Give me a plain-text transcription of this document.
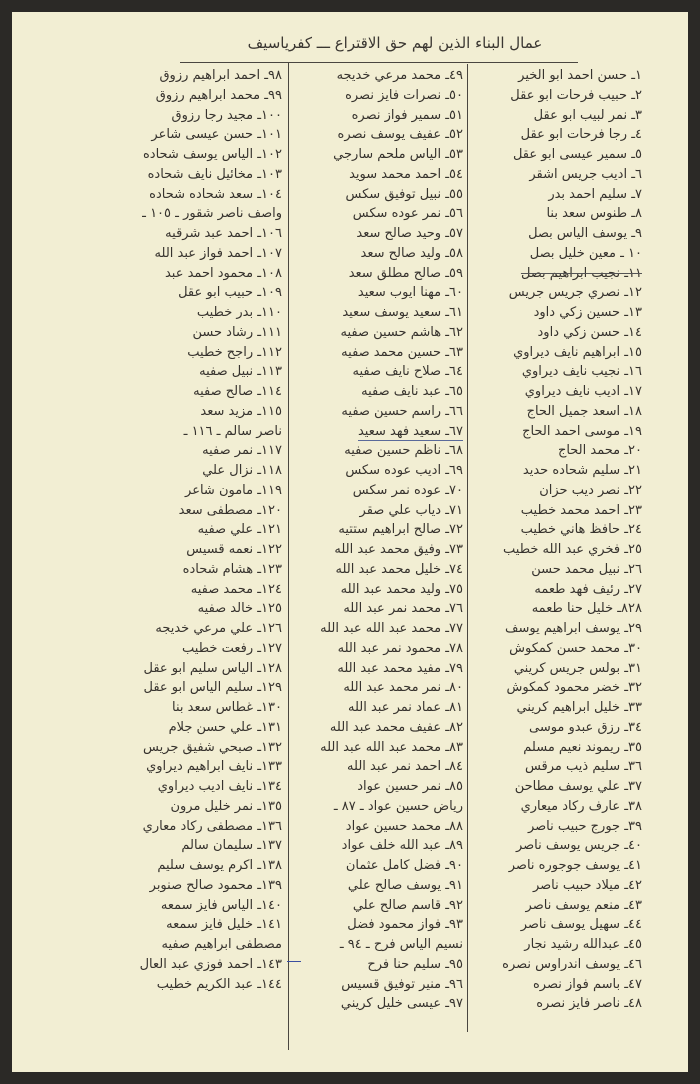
عمال البناء الذين لهم حق الاقتراع ـــ كفرياسيف
١ـ حسن احمد ابو الخير
٢ـ حبيب فرحات ابو عقل
٣ـ نمر لبيب ابو عقل
٤ـ رجا فرحات ابو عقل
٥ـ سمير عيسى ابو عقل
٦ـ اديب جريس اشقر
٧ـ سليم احمد بدر
٨ـ طنوس سعد بنا
٩ـ يوسف الياس بصل
١٠ ـ معين خليل بصل
١١ـ نجيب ابراهيم بصل
١٢ـ نصري جريس جريس
١٣ـ حسين زكي داود
١٤ـ حسن زكي داود
١٥ـ ابراهيم نايف ديراوي
١٦ـ نجيب نايف ديراوي
١٧ـ اديب نايف ديراوي
١٨ـ اسعد جميل الحاج
١٩ـ موسى احمد الحاج
٢٠ـ محمد الحاج
٢١ـ سليم شحاده حديد
٢٢ـ نصر ديب حزان
٢٣ـ احمد محمد خطيب
٢٤ـ حافظ هاني خطيب
٢٥ـ فخري عبد الله خطيب
٢٦ـ نبيل محمد حسن
٢٧ـ رئيف فهد طعمه
٨٢٨ـ خليل حنا طعمه
٢٩ـ يوسف ابراهيم يوسف
٣٠ـ محمد حسن كمكوش
٣١ـ بولس جريس كريني
٣٢ـ خضر محمود كمكوش
٣٣ـ خليل ابراهيم كريني
٣٤ـ رزق عبدو موسى
٣٥ـ ريموند نعيم مسلم
٣٦ـ سليم ذيب مرقس
٣٧ـ علي يوسف مطاحن
٣٨ـ عارف ركاد ميعاري
٣٩ـ جورج حبيب ناصر
٤٠ـ جريس يوسف ناصر
٤١ـ يوسف جوجوره ناصر
٤٢ـ ميلاد حبيب ناصر
٤٣ـ منعم يوسف ناصر
٤٤ـ سهيل يوسف ناصر
٤٥ـ عبدالله رشيد نجار
٤٦ـ يوسف اندراوس نصره
٤٧ـ باسم فواز نصره
٤٨ـ ناصر فايز نصره
٤٩ـ محمد مرعي خديجه
٥٠ـ نصرات فايز نصره
٥١ـ سمير فواز نصره
٥٢ـ عفيف يوسف نصره
٥٣ـ الياس ملحم سارجي
٥٤ـ احمد محمد سويد
٥٥ـ نبيل توفيق سكس
٥٦ـ نمر عوده سكس
٥٧ـ وحيد صالح سعد
٥٨ـ وليد صالح سعد
٥٩ـ صالح مطلق سعد
٦٠ـ مهنا ايوب سعيد
٦١ـ سعيد يوسف سعيد
٦٢ـ هاشم حسين صفيه
٦٣ـ حسين محمد صفيه
٦٤ـ صلاح نايف صفيه
٦٥ـ عبد نايف صفيه
٦٦ـ راسم حسين صفيه
٦٧ـ سعيد فهد سعيد
٦٨ـ ناظم حسين صفيه
٦٩ـ اديب عوده سكس
٧٠ـ عوده نمر سكس
٧١ـ دياب علي صقر
٧٢ـ صالح ابراهيم ستتيه
٧٣ـ وفيق محمد عبد الله
٧٤ـ خليل محمد عبد الله
٧٥ـ وليد محمد عبد الله
٧٦ـ محمد نمر عبد الله
٧٧ـ محمد عبد الله عبد الله
٧٨ـ محمود نمر عبد الله
٧٩ـ مفيد محمد عبد الله
٨٠ـ نمر محمد عبد الله
٨١ـ عماد نمر عبد الله
٨٢ـ عفيف محمد عبد الله
٨٣ـ محمد عبد الله عبد الله
٨٤ـ احمد نمر عبد الله
٨٥ـ نمر حسين عواد
رياض حسين عواد ـ ٨٧ ـ
٨٨ـ محمد حسين عواد
٨٩ـ عبد الله خلف عواد
٩٠ـ فضل كامل عثمان
٩١ـ يوسف صالح علي
٩٢ـ قاسم صالح علي
٩٣ـ فواز محمود فضل
نسيم الياس فرح ـ ٩٤ ـ
٩٥ـ سليم حنا فرح
٩٦ـ منير توفيق قسيس
٩٧ـ عيسى خليل كريني
٩٨ـ احمد ابراهيم رزوق
٩٩ـ محمد ابراهيم رزوق
١٠٠ـ مجيد رجا رزوق
١٠١ـ حسن عيسى شاعر
١٠٢ـ الياس يوسف شحاده
١٠٣ـ مخائيل نايف شحاده
١٠٤ـ سعد شحاده شحاده
واصف ناصر شقور ـ ١٠٥ ـ
١٠٦ـ احمد عبد شرقيه
١٠٧ـ احمد فواز عبد الله
١٠٨ـ محمود احمد عبد
١٠٩ـ حبيب ابو عقل
١١٠ـ بدر خطيب
١١١ـ رشاد حسن
١١٢ـ راجح خطيب
١١٣ـ نبيل صفيه
١١٤ـ صالح صفيه
١١٥ـ مزيد سعد
ناصر سالم ـ ١١٦ ـ
١١٧ـ نمر صفيه
١١٨ـ نزال علي
١١٩ـ مامون شاعر
١٢٠ـ مصطفى سعد
١٢١ـ علي صفيه
١٢٢ـ نعمه قسيس
١٢٣ـ هشام شحاده
١٢٤ـ محمد صفيه
١٢٥ـ خالد صفيه
١٢٦ـ علي مرعي خديجه
١٢٧ـ رفعت خطيب
١٢٨ـ الياس سليم ابو عقل
١٢٩ـ سليم الياس ابو عقل
١٣٠ـ غطاس سعد بنا
١٣١ـ علي حسن جلام
١٣٢ـ صبحي شفيق جريس
١٣٣ـ نايف ابراهيم ديراوي
١٣٤ـ نايف اديب ديراوي
١٣٥ـ نمر خليل مرون
١٣٦ـ مصطفى ركاد معاري
١٣٧ـ سليمان سالم
١٣٨ـ اكرم يوسف سليم
١٣٩ـ محمود صالح صنوبر
١٤٠ـ الياس فايز سمعه
١٤١ـ خليل فايز سمعه
مصطفى ابراهيم صفيه
١٤٣ـ احمد فوزي عبد العال
١٤٤ـ عبد الكريم خطيب
